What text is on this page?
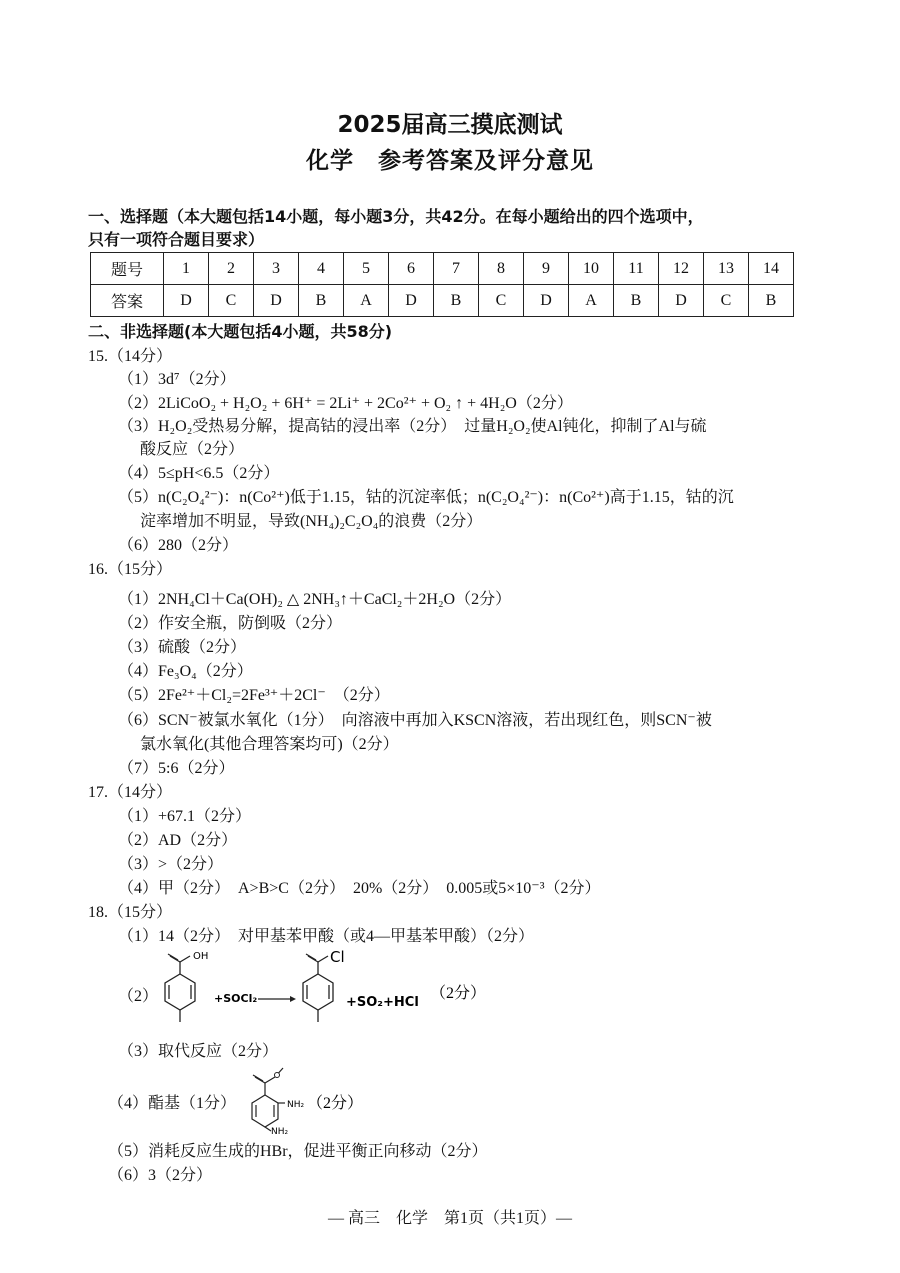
2025届高三摸底测试
化学　参考答案及评分意见
一、选择题（本大题包括14小题，每小题3分，共42分。在每小题给出的四个选项中，
只有一项符合题目要求）
题号	1	2	3	4	5	6	7	8	9	10	11	12	13	14
答案	D	C	D	B	A	D	B	C	D	A	B	D	C	B
二、非选择题(本大题包括4小题，共58分)
15.（14分）
（1）3d⁷（2分）
（2）2LiCoO₂ + H₂O₂ + 6H⁺ = 2Li⁺ + 2Co²⁺ + O₂ ↑ + 4H₂O（2分）
（3）H₂O₂受热易分解，提高钴的浸出率（2分）　过量H₂O₂使Al钝化，抑制了Al与硫
酸反应（2分）
（4）5≤pH<6.5（2分）
（5）n(C₂O₄²⁻)：n(Co²⁺)低于1.15，钴的沉淀率低；n(C₂O₄²⁻)：n(Co²⁺)高于1.15，钴的沉
淀率增加不明显，导致(NH₄)₂C₂O₄的浪费（2分）
（6）280（2分）
16.（15分）
（1）2NH₄Cl＋Ca(OH)₂ △ 2NH₃↑＋CaCl₂＋2H₂O（2分）
（2）作安全瓶，防倒吸（2分）
（3）硫酸（2分）
（4）Fe₃O₄（2分）
（5）2Fe²⁺＋Cl₂=2Fe³⁺＋2Cl⁻　（2分）
（6）SCN⁻被氯水氧化（1分）　向溶液中再加入KSCN溶液，若出现红色，则SCN⁻被
氯水氧化(其他合理答案均可)（2分）
（7）5:6（2分）
17.（14分）
（1）+67.1（2分）
（2）AD（2分）
（3）>（2分）
（4）甲（2分）　A>B>C（2分）　20%（2分）　0.005或5×10⁻³（2分）
18.（15分）
（1）14（2分）　对甲基苯甲酸（或4—甲基苯甲酸）（2分）
（2）
OH
+SOCl₂
Cl
+SO₂+HCl
（2分）
（3）取代反应（2分）
（4）酯基（1分）	NH₂
NH₂
（2分）
（5）消耗反应生成的HBr，促进平衡正向移动（2分）
（6）3（2分）
— 高三　化学　第1页（共1页）—
